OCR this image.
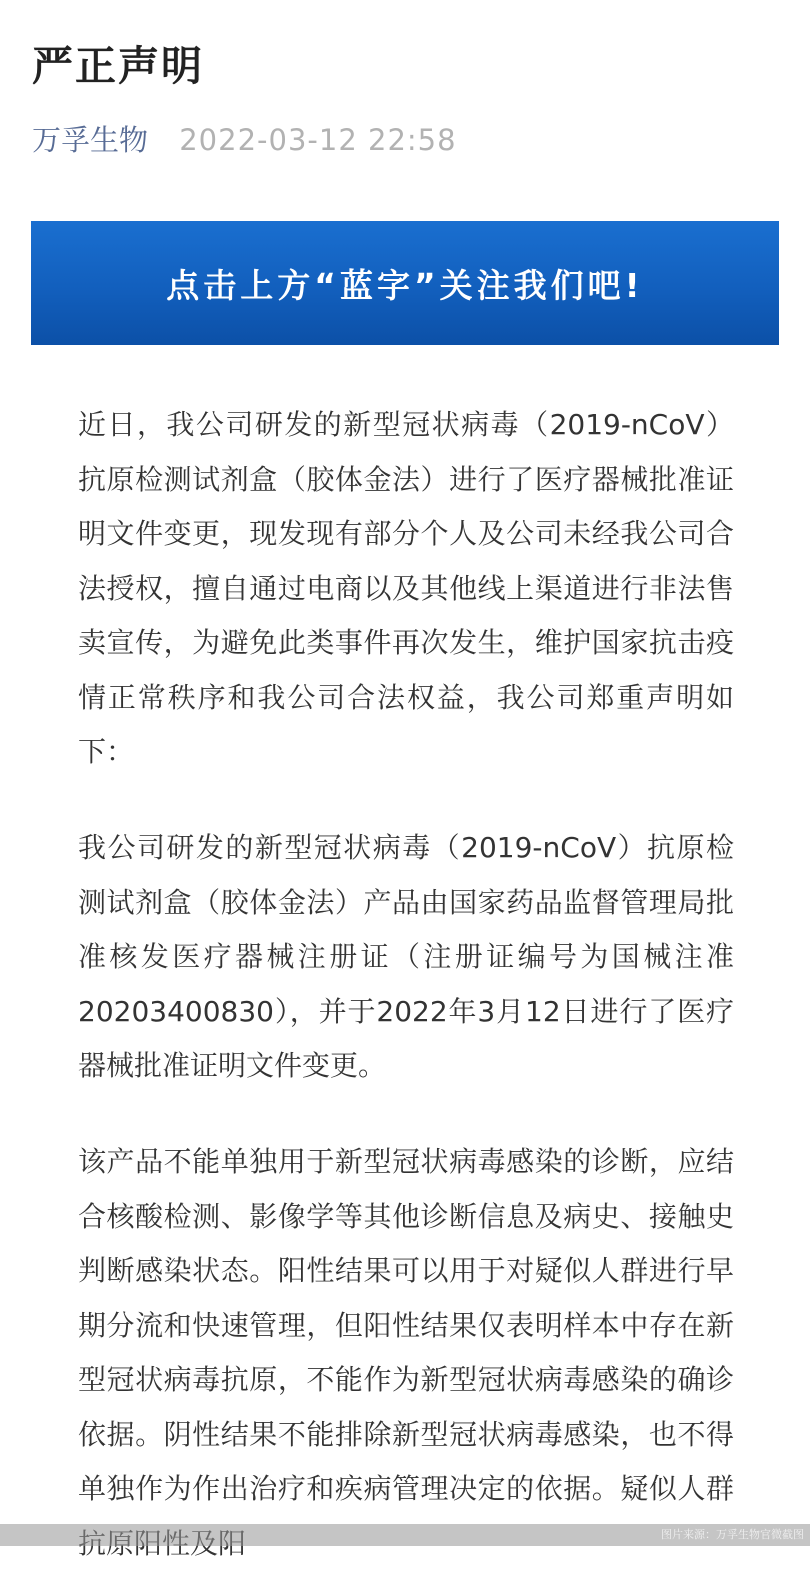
严正声明
万孚生物 2022-03-12 22:58
点击上方“蓝字”关注我们吧!

近日，我公司研发的新型冠状病毒（2019-nCoV）抗原检测试剂盒（胶体金法）进行了医疗器械批准证明文件变更，现发现有部分个人及公司未经我公司合法授权，擅自通过电商以及其他线上渠道进行非法售卖宣传，为避免此类事件再次发生，维护国家抗击疫情正常秩序和我公司合法权益，我公司郑重声明如下：

我公司研发的新型冠状病毒（2019-nCoV）抗原检测试剂盒（胶体金法）产品由国家药品监督管理局批准核发医疗器械注册证（注册证编号为国械注准20203400830），并于2022年3月12日进行了医疗器械批准证明文件变更。

该产品不能单独用于新型冠状病毒感染的诊断，应结合核酸检测、影像学等其他诊断信息及病史、接触史判断感染状态。阳性结果可以用于对疑似人群进行早期分流和快速管理，但阳性结果仅表明样本中存在新型冠状病毒抗原，不能作为新型冠状病毒感染的确诊依据。阴性结果不能排除新型冠状病毒感染，也不得单独作为作出治疗和疾病管理决定的依据。疑似人群

图片来源：万孚生物官微截图
